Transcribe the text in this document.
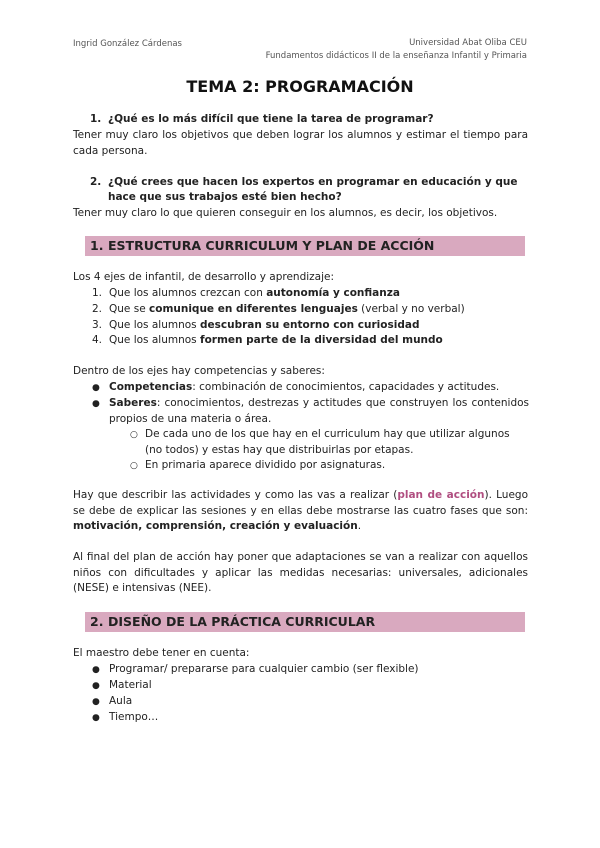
Ingrid González Cárdenas	Universidad Abat Oliba CEU
Fundamentos didácticos II de la enseñanza Infantil y Primaria
TEMA 2: PROGRAMACIÓN
1. ¿Qué es lo más difícil que tiene la tarea de programar?
Tener muy claro los objetivos que deben lograr los alumnos y estimar el tiempo para cada persona.
2. ¿Qué crees que hacen los expertos en programar en educación y que
hace que sus trabajos esté bien hecho?
Tener muy claro lo que quieren conseguir en los alumnos, es decir, los objetivos.
1. ESTRUCTURA CURRICULUM Y PLAN DE ACCIÓN
Los 4 ejes de infantil, de desarrollo y aprendizaje:
1. Que los alumnos crezcan con autonomía y confianza
2. Que se comunique en diferentes lenguajes (verbal y no verbal)
3. Que los alumnos descubran su entorno con curiosidad
4. Que los alumnos formen parte de la diversidad del mundo
Dentro de los ejes hay competencias y saberes:
● Competencias: combinación de conocimientos, capacidades y actitudes.
● Saberes: conocimientos, destrezas y actitudes que construyen los contenidos propios de una materia o área.
○ De cada uno de los que hay en el curriculum hay que utilizar algunos (no todos) y estas hay que distribuirlas por etapas.
○ En primaria aparece dividido por asignaturas.
Hay que describir las actividades y como las vas a realizar (plan de acción). Luego se debe de explicar las sesiones y en ellas debe mostrarse las cuatro fases que son: motivación, comprensión, creación y evaluación.
Al final del plan de acción hay poner que adaptaciones se van a realizar con aquellos niños con dificultades y aplicar las medidas necesarias: universales, adicionales (NESE) e intensivas (NEE).
2. DISEÑO DE LA PRÁCTICA CURRICULAR
El maestro debe tener en cuenta:
● Programar/ prepararse para cualquier cambio (ser flexible)
● Material
● Aula
● Tiempo…
